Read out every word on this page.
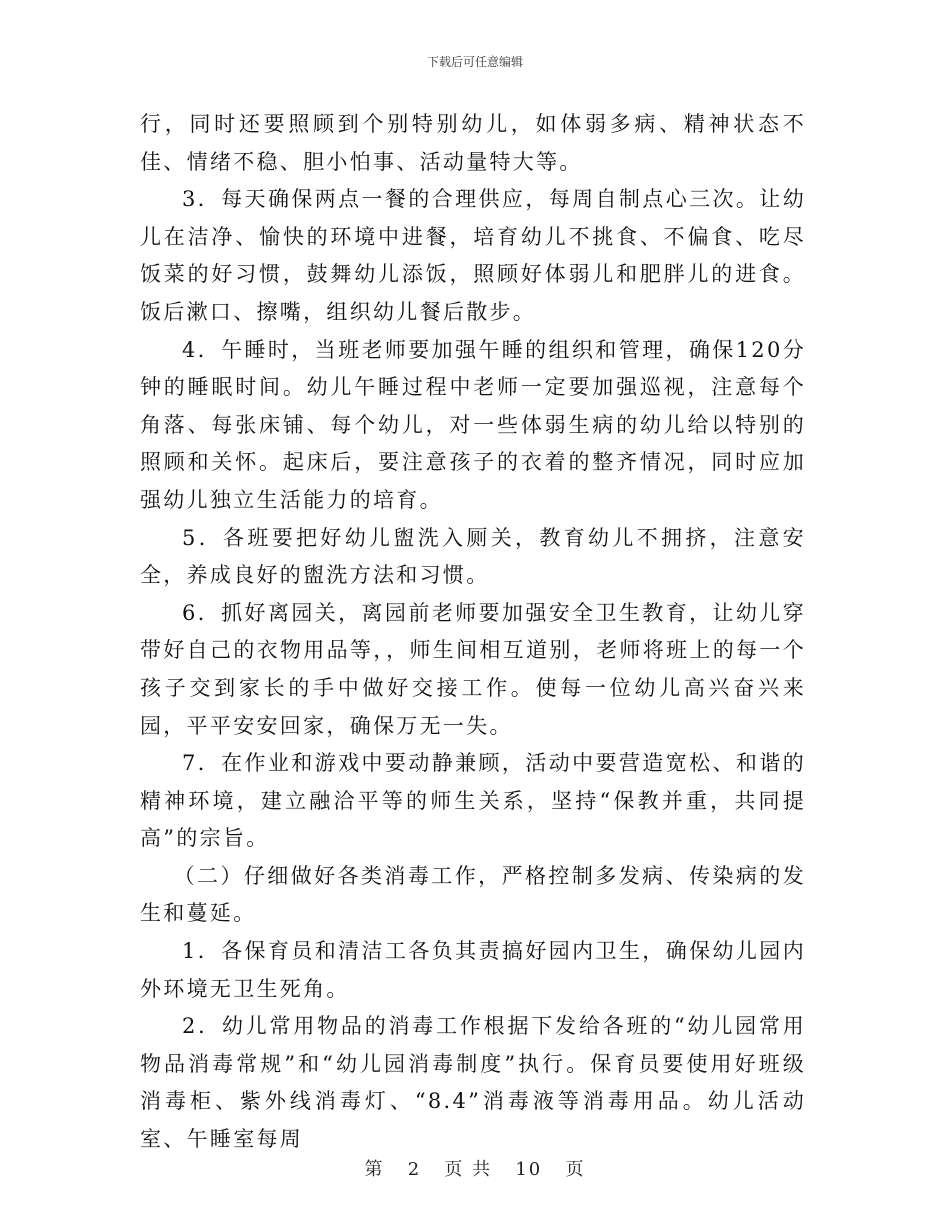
下载后可任意编辑

行，同时还要照顾到个别特别幼儿，如体弱多病、精神状态不佳、情绪不稳、胆小怕事、活动量特大等。

3．每天确保两点一餐的合理供应，每周自制点心三次。让幼儿在洁净、愉快的环境中进餐，培育幼儿不挑食、不偏食、吃尽饭菜的好习惯，鼓舞幼儿添饭，照顾好体弱儿和肥胖儿的进食。饭后漱口、擦嘴，组织幼儿餐后散步。

4．午睡时，当班老师要加强午睡的组织和管理，确保120分钟的睡眠时间。幼儿午睡过程中老师一定要加强巡视，注意每个角落、每张床铺、每个幼儿，对一些体弱生病的幼儿给以特别的照顾和关怀。起床后，要注意孩子的衣着的整齐情况，同时应加强幼儿独立生活能力的培育。

5．各班要把好幼儿盥洗入厕关，教育幼儿不拥挤，注意安全，养成良好的盥洗方法和习惯。

6．抓好离园关，离园前老师要加强安全卫生教育，让幼儿穿带好自己的衣物用品等，，师生间相互道别，老师将班上的每一个孩子交到家长的手中做好交接工作。使每一位幼儿高兴奋兴来园，平平安安回家，确保万无一失。

7．在作业和游戏中要动静兼顾，活动中要营造宽松、和谐的精神环境，建立融洽平等的师生关系，坚持“保教并重，共同提高”的宗旨。

（二）仔细做好各类消毒工作，严格控制多发病、传染病的发生和蔓延。

1．各保育员和清洁工各负其责搞好园内卫生，确保幼儿园内外环境无卫生死角。

2．幼儿常用物品的消毒工作根据下发给各班的“幼儿园常用物品消毒常规”和“幼儿园消毒制度”执行。保育员要使用好班级消毒柜、紫外线消毒灯、“8.4”消毒液等消毒用品。幼儿活动室、午睡室每周

第 2 页 共 10 页
